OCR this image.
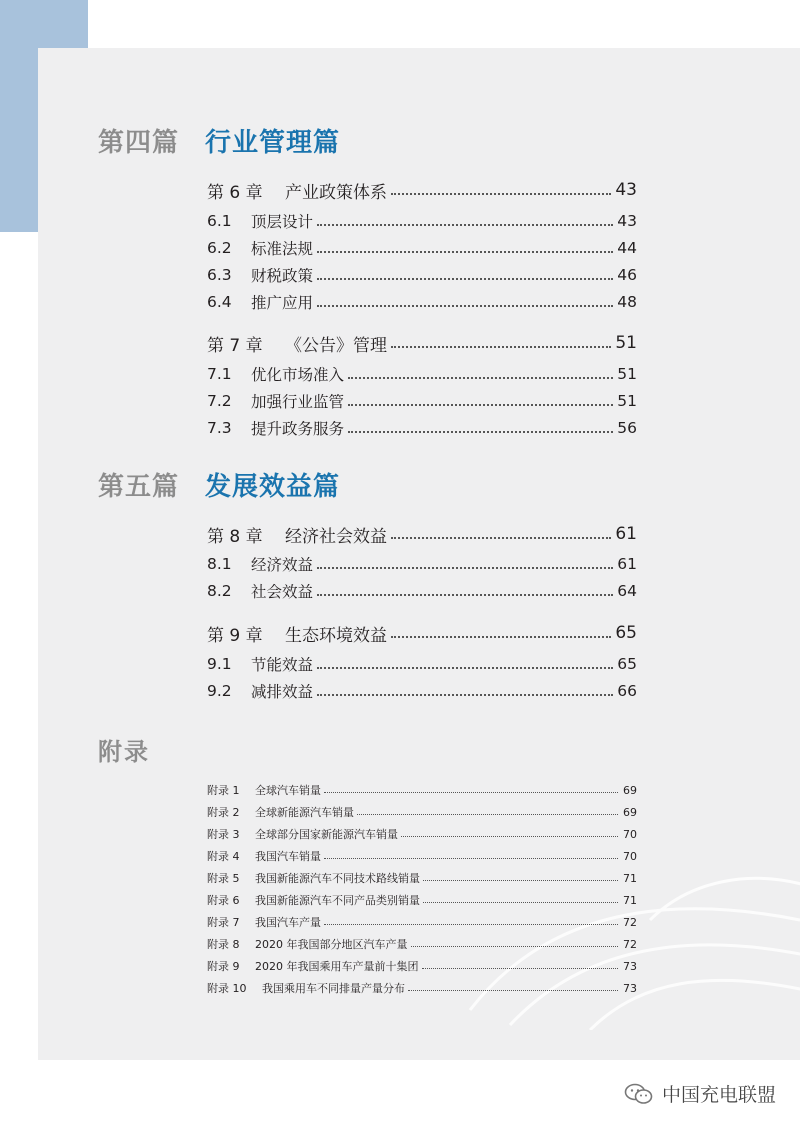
第四篇 行业管理篇
第 6 章	产业政策体系	43
6.1	顶层设计	43
6.2	标准法规	44
6.3	财税政策	46
6.4	推广应用	48
第 7 章	《公告》管理	51
7.1	优化市场准入	51
7.2	加强行业监管	51
7.3	提升政务服务	56
第五篇 发展效益篇
第 8 章	经济社会效益	61
8.1	经济效益	61
8.2	社会效益	64
第 9 章	生态环境效益	65
9.1	节能效益	65
9.2	减排效益	66
附录
附录 1	全球汽车销量	69
附录 2	全球新能源汽车销量	69
附录 3	全球部分国家新能源汽车销量	70
附录 4	我国汽车销量	70
附录 5	我国新能源汽车不同技术路线销量	71
附录 6	我国新能源汽车不同产品类别销量	71
附录 7	我国汽车产量	72
附录 8	2020 年我国部分地区汽车产量	72
附录 9	2020 年我国乘用车产量前十集团	73
附录 10	我国乘用车不同排量产量分布	73
中国充电联盟
